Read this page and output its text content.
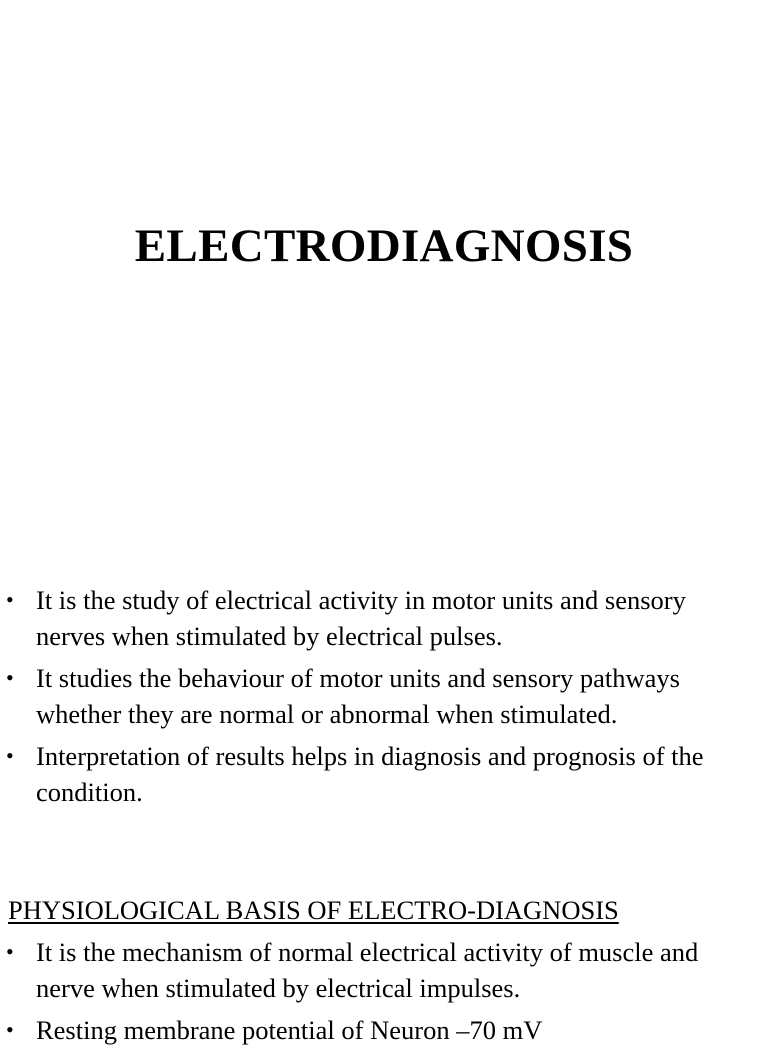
ELECTRODIAGNOSIS
• It is the study of electrical activity in motor units and sensory nerves when stimulated by electrical pulses.
• It studies the behaviour of motor units and sensory pathways whether they are normal or abnormal when stimulated.
• Interpretation of results helps in diagnosis and prognosis of the condition.
PHYSIOLOGICAL BASIS OF ELECTRO-DIAGNOSIS
• It is the mechanism of normal electrical activity of muscle and nerve when stimulated by electrical impulses.
• Resting membrane potential of Neuron –70 mV
